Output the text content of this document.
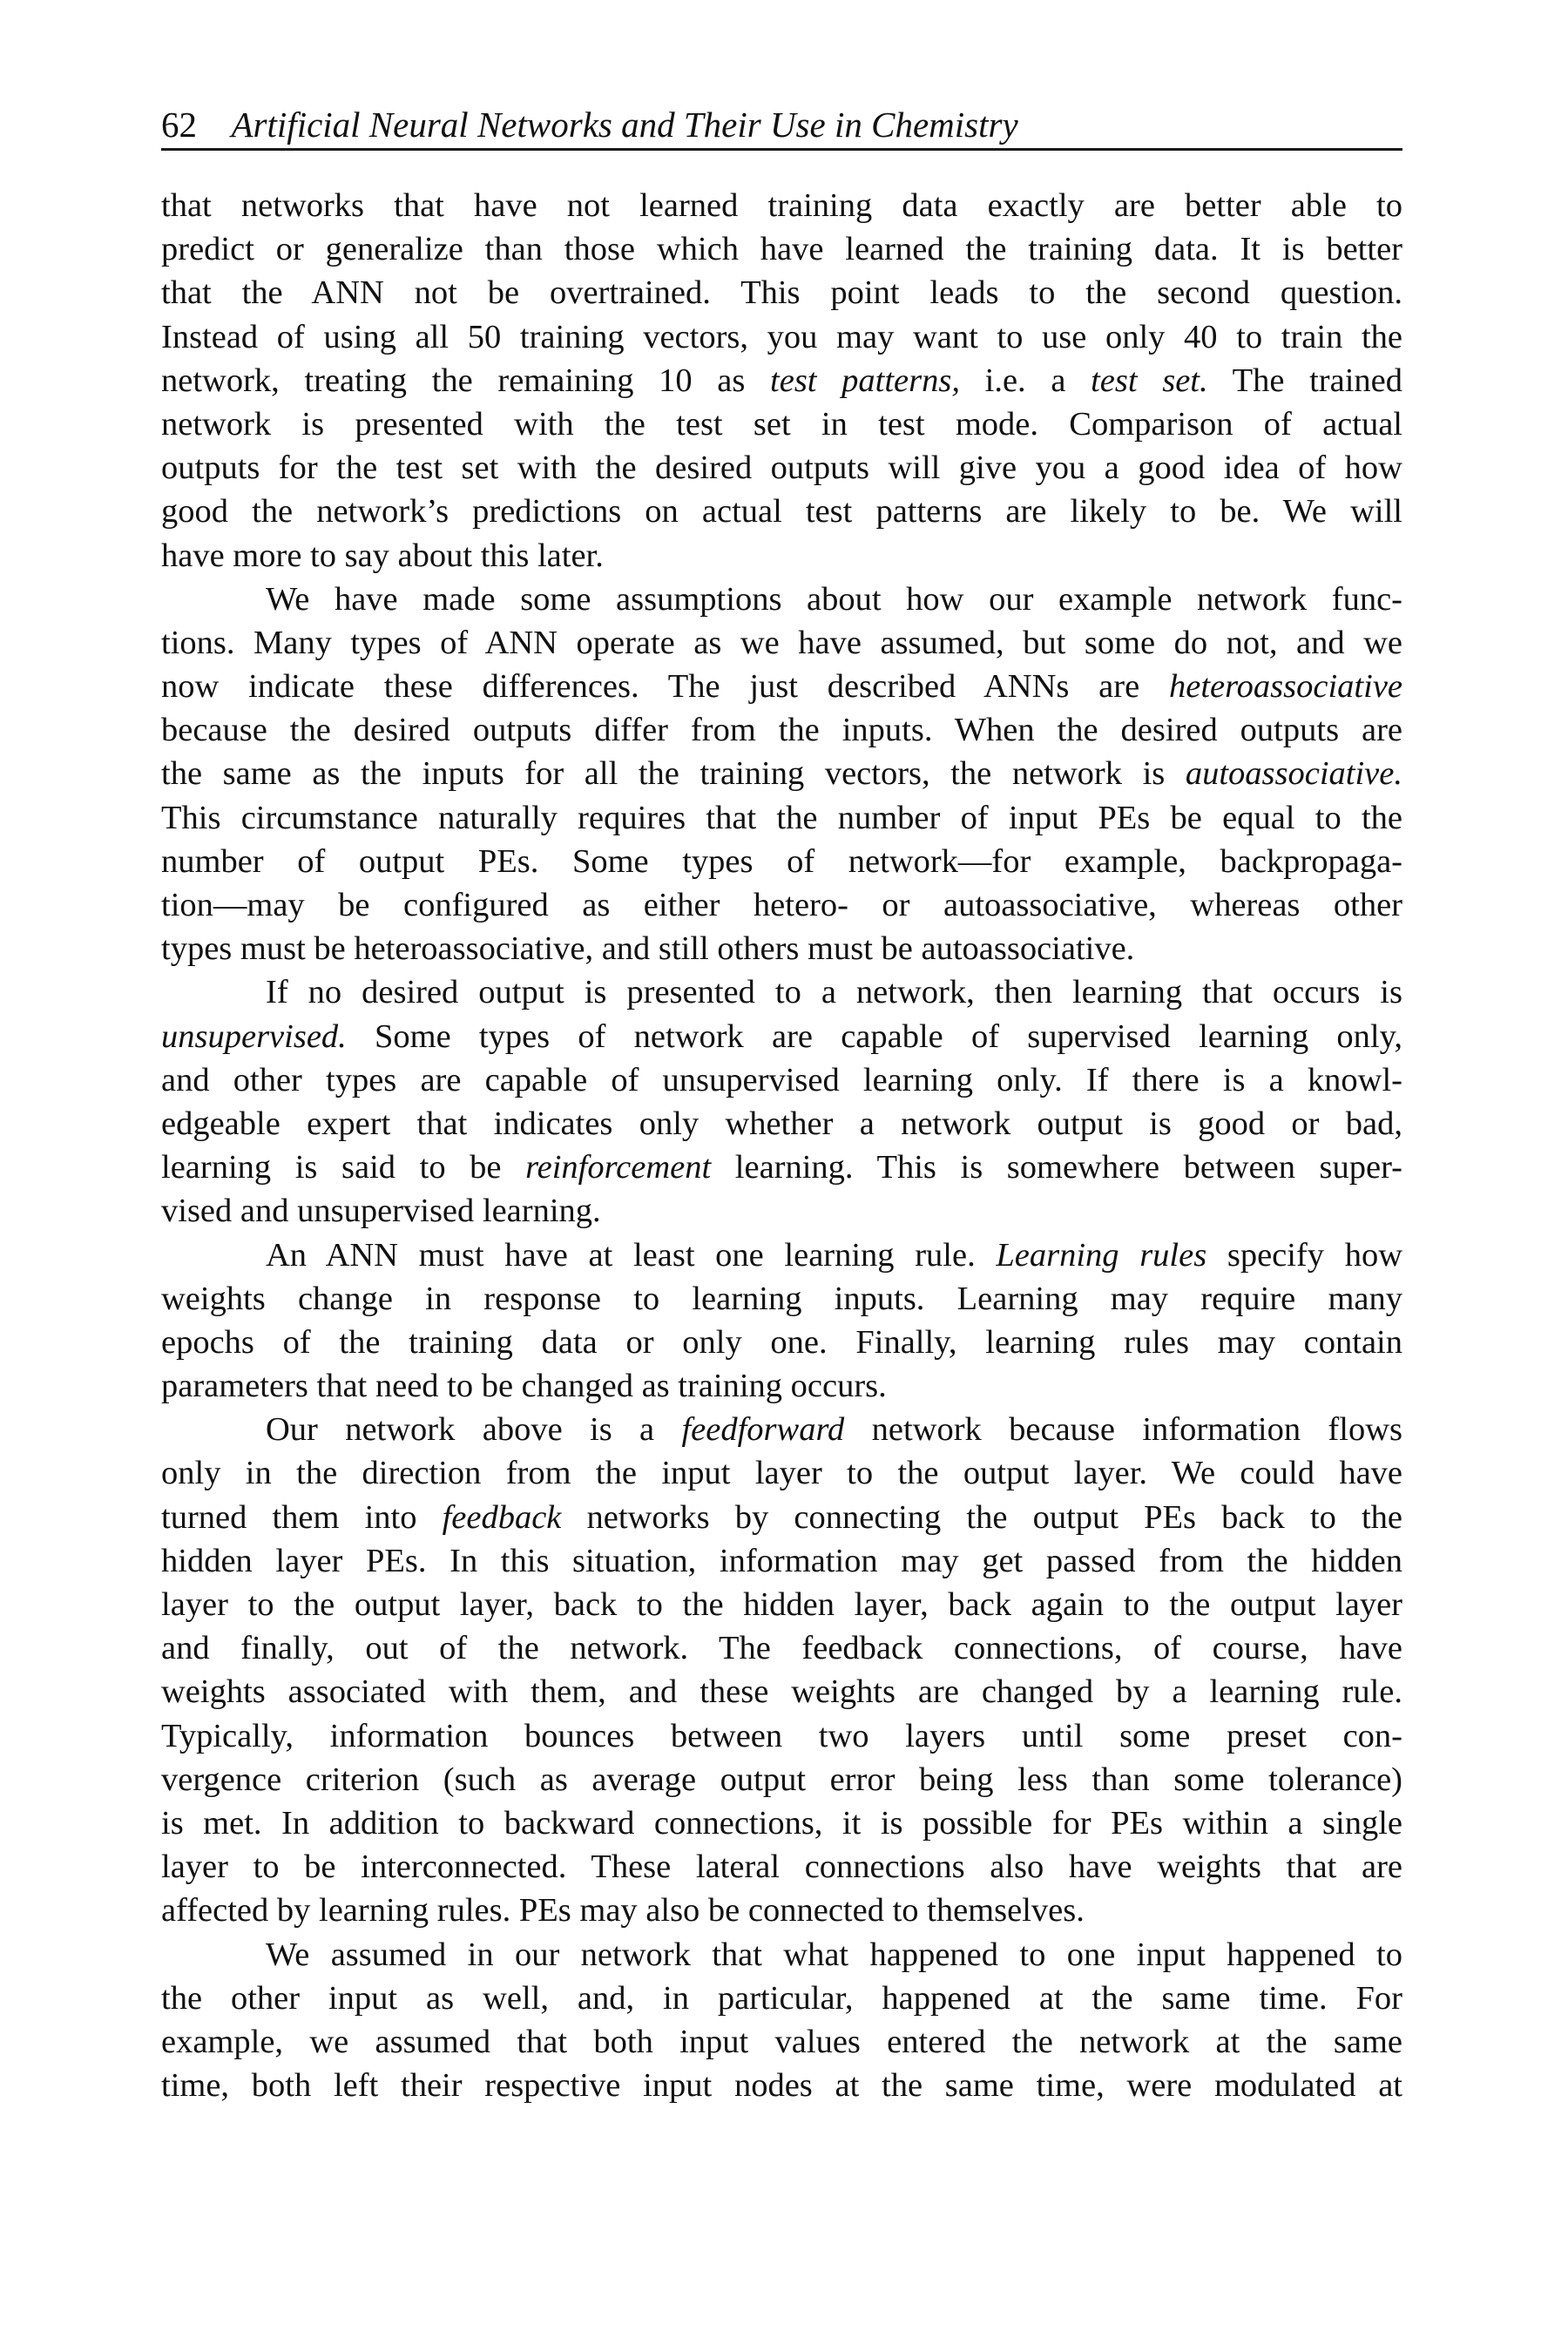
62 Artificial Neural Networks and Their Use in Chemistry
that networks that have not learned training data exactly are better able to
predict or generalize than those which have learned the training data. It is better
that the ANN not be overtrained. This point leads to the second question.
Instead of using all 50 training vectors, you may want to use only 40 to train the
network, treating the remaining 10 as test patterns, i.e. a test set. The trained
network is presented with the test set in test mode. Comparison of actual
outputs for the test set with the desired outputs will give you a good idea of how
good the network’s predictions on actual test patterns are likely to be. We will
have more to say about this later.
We have made some assumptions about how our example network func-
tions. Many types of ANN operate as we have assumed, but some do not, and we
now indicate these differences. The just described ANNs are heteroassociative
because the desired outputs differ from the inputs. When the desired outputs are
the same as the inputs for all the training vectors, the network is autoassociative.
This circumstance naturally requires that the number of input PEs be equal to the
number of output PEs. Some types of network—for example, backpropaga-
tion—may be configured as either hetero- or autoassociative, whereas other
types must be heteroassociative, and still others must be autoassociative.
If no desired output is presented to a network, then learning that occurs is
unsupervised. Some types of network are capable of supervised learning only,
and other types are capable of unsupervised learning only. If there is a knowl-
edgeable expert that indicates only whether a network output is good or bad,
learning is said to be reinforcement learning. This is somewhere between super-
vised and unsupervised learning.
An ANN must have at least one learning rule. Learning rules specify how
weights change in response to learning inputs. Learning may require many
epochs of the training data or only one. Finally, learning rules may contain
parameters that need to be changed as training occurs.
Our network above is a feedforward network because information flows
only in the direction from the input layer to the output layer. We could have
turned them into feedback networks by connecting the output PEs back to the
hidden layer PEs. In this situation, information may get passed from the hidden
layer to the output layer, back to the hidden layer, back again to the output layer
and finally, out of the network. The feedback connections, of course, have
weights associated with them, and these weights are changed by a learning rule.
Typically, information bounces between two layers until some preset con-
vergence criterion (such as average output error being less than some tolerance)
is met. In addition to backward connections, it is possible for PEs within a single
layer to be interconnected. These lateral connections also have weights that are
affected by learning rules. PEs may also be connected to themselves.
We assumed in our network that what happened to one input happened to
the other input as well, and, in particular, happened at the same time. For
example, we assumed that both input values entered the network at the same
time, both left their respective input nodes at the same time, were modulated at
